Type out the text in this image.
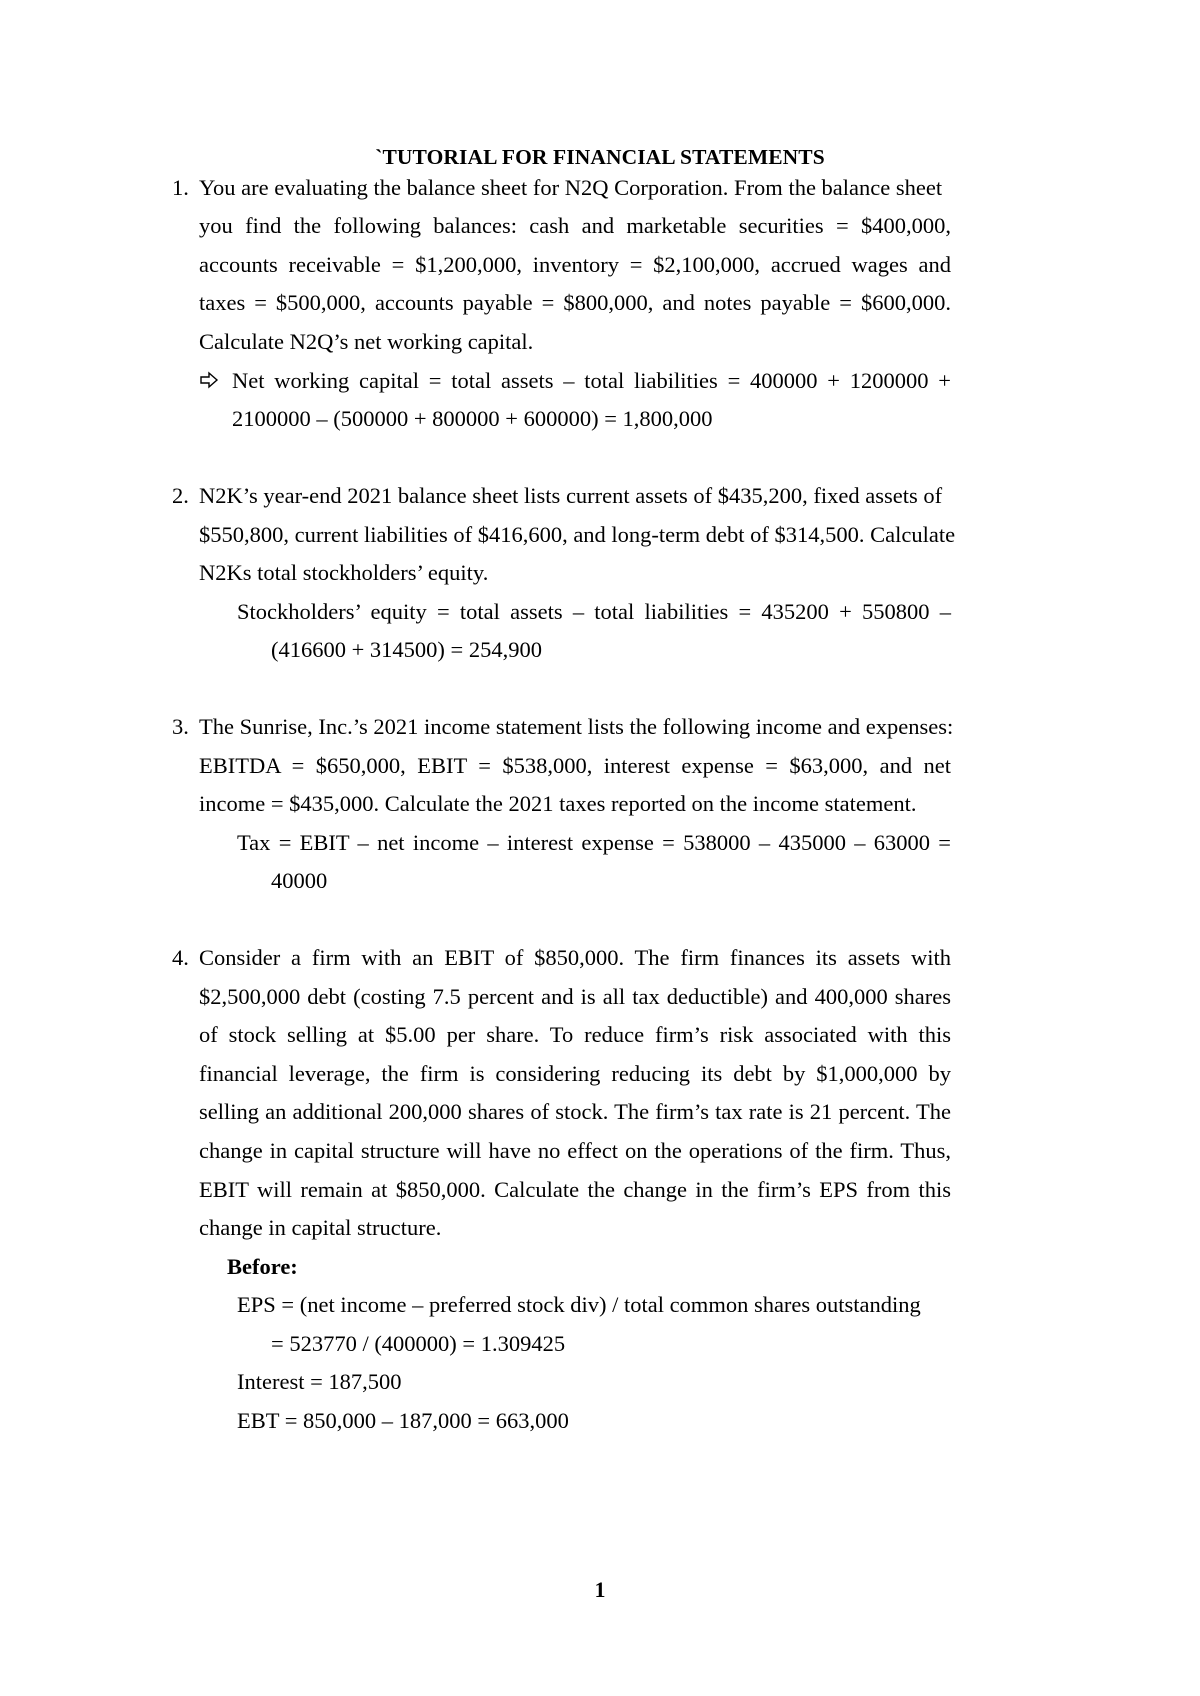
`TUTORIAL FOR FINANCIAL STATEMENTS
1. You are evaluating the balance sheet for N2Q Corporation. From the balance sheet
you find the following balances: cash and marketable securities = $400,000,
accounts receivable = $1,200,000, inventory = $2,100,000, accrued wages and
taxes = $500,000, accounts payable = $800,000, and notes payable = $600,000.
Calculate N2Q’s net working capital.
Net working capital = total assets – total liabilities = 400000 + 1200000 +
2100000 – (500000 + 800000 + 600000) = 1,800,000
2. N2K’s year-end 2021 balance sheet lists current assets of $435,200, fixed assets of
$550,800, current liabilities of $416,600, and long-term debt of $314,500. Calculate
N2Ks total stockholders’ equity.
Stockholders’ equity = total assets – total liabilities = 435200 + 550800 –
(416600 + 314500) = 254,900
3. The Sunrise, Inc.’s 2021 income statement lists the following income and expenses:
EBITDA = $650,000, EBIT = $538,000, interest expense = $63,000, and net
income = $435,000. Calculate the 2021 taxes reported on the income statement.
Tax = EBIT – net income – interest expense = 538000 – 435000 – 63000 =
40000
4. Consider a firm with an EBIT of $850,000. The firm finances its assets with
$2,500,000 debt (costing 7.5 percent and is all tax deductible) and 400,000 shares
of stock selling at $5.00 per share. To reduce firm’s risk associated with this
financial leverage, the firm is considering reducing its debt by $1,000,000 by
selling an additional 200,000 shares of stock. The firm’s tax rate is 21 percent. The
change in capital structure will have no effect on the operations of the firm. Thus,
EBIT will remain at $850,000. Calculate the change in the firm’s EPS from this
change in capital structure.
Before:
EPS = (net income – preferred stock div) / total common shares outstanding
= 523770 / (400000) = 1.309425
Interest = 187,500
EBT = 850,000 – 187,000 = 663,000
1
